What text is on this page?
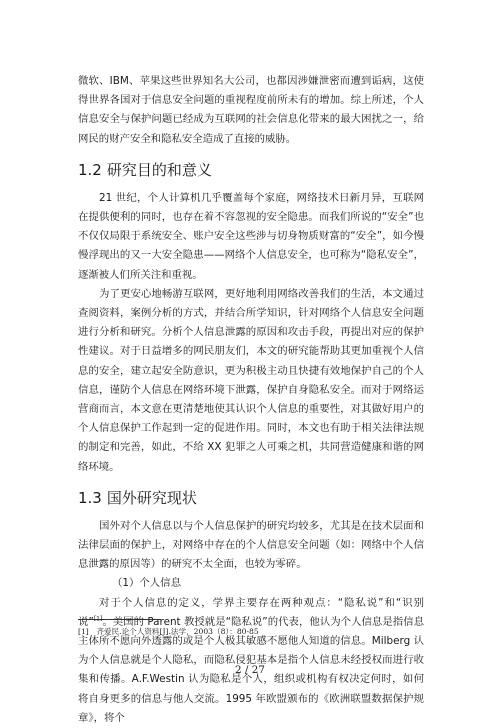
微软、IBM、苹果这些世界知名大公司，也都因涉嫌泄密而遭到诟病，这使得世界各国对于信息安全问题的重视程度前所未有的增加。综上所述，个人信息安全与保护问题已经成为互联网的社会信息化带来的最大困扰之一，给网民的财产安全和隐私安全造成了直接的威胁。

1.2 研究目的和意义

21 世纪，个人计算机几乎覆盖每个家庭，网络技术日新月异，互联网在提供便利的同时，也存在着不容忽视的安全隐患。而我们所说的“安全”也不仅仅局限于系统安全、账户安全这些涉与切身物质财富的“安全”，如今慢慢浮现出的又一大安全隐患——网络个人信息安全，也可称为“隐私安全”，逐渐被人们所关注和重视。

为了更安心地畅游互联网，更好地利用网络改善我们的生活，本文通过查阅资料，案例分析的方式，并结合所学知识，针对网络个人信息安全问题进行分析和研究。分析个人信息泄露的原因和攻击手段，再提出对应的保护性建议。对于日益增多的网民朋友们，本文的研究能帮助其更加重视个人信息的安全，建立起安全防意识，更为积极主动且快捷有效地保护自己的个人信息，谨防个人信息在网络环境下泄露，保护自身隐私安全。而对于网络运营商而言，本文意在更清楚地使其认识个人信息的重要性，对其做好用户的个人信息保护工作起到一定的促进作用。同时，本文也有助于相关法律法规的制定和完善，如此，不给 XX 犯罪之人可乘之机，共同营造健康和谐的网络环境。

1.3 国外研究现状

国外对个人信息以与个人信息保护的研究均较多，尤其是在技术层面和法律层面的保护上，对网络中存在的个人信息安全问题（如：网络中个人信息泄露的原因等）的研究不太全面，也较为零碎。

（1）个人信息

对于个人信息的定义，学界主要存在两种观点：“隐私说”和“识别说”[1]。美国的 Parent 教授就是“隐私说”的代表，他认为个人信息是指信息主体所不愿向外透露的或是个人极其敏感不愿他人知道的信息。Milberg 认为个人信息就是个人隐私，而隐私侵犯基本是指个人信息未经授权而进行收集和传播。A.F.Westin 认为隐私是个人，组织或机构有权决定何时，如何将自身更多的信息与他人交流。1995 年欧盟颁布的《欧洲联盟数据保护规章》，将个

[1]　齐爱民.论个人资料[J].法学，2003（8）：80-85
2 / 27
